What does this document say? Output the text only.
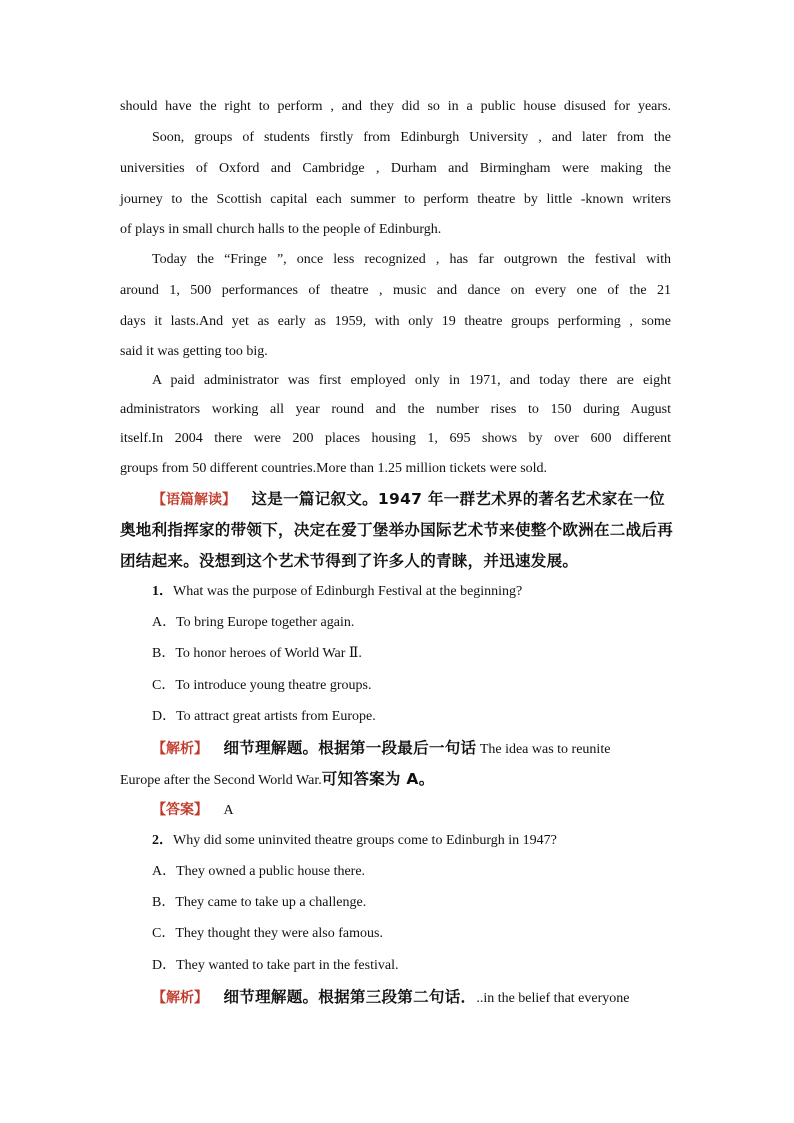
should have the right to perform , and they did so in a public house disused for years.
Soon, groups of students firstly from Edinburgh University , and later from the
universities of Oxford and Cambridge , Durham and Birmingham were making the
journey to the Scottish capital each summer to perform theatre by little -known writers
of plays in small church halls to the people of Edinburgh.
Today the “Fringe ”, once less recognized , has far outgrown the festival with
around 1, 500 performances of theatre , music and dance on every one of the 21
days it lasts.And yet as early as 1959, with only 19 theatre groups performing , some
said it was getting too big.
A paid administrator was first employed only in 1971, and today there are eight
administrators working all year round and the number rises to 150 during August
itself.In 2004 there were 200 places housing 1, 695 shows by over 600 different
groups from 50 different countries.More than 1.25 million tickets were sold.
【语篇解读】 这是一篇记叙文。1947 年一群艺术界的著名艺术家在一位
奥地利指挥家的带领下，决定在爱丁堡举办国际艺术节来使整个欧洲在二战后再
团结起来。没想到这个艺术节得到了许多人的青睐，并迅速发展。
1．What was the purpose of Edinburgh Festival at the beginning?
A．To bring Europe together again.
B．To honor heroes of World War Ⅱ.
C．To introduce young theatre groups.
D．To attract great artists from Europe.
【解析】 细节理解题。根据第一段最后一句话 The idea was to reunite
Europe after the Second World War.可知答案为 A。
【答案】 A
2．Why did some uninvited theatre groups come to Edinburgh in 1947?
A．They owned a public house there.
B．They came to take up a challenge.
C．They thought they were also famous.
D．They wanted to take part in the festival.
【解析】 细节理解题。根据第三段第二句话．..in the belief that everyone
